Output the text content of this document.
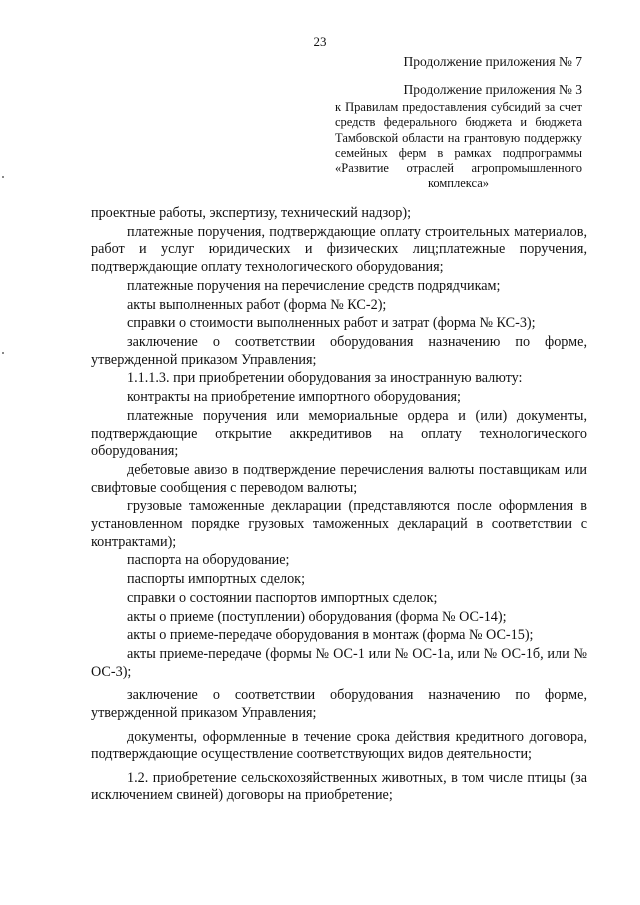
23
Продолжение приложения № 7
Продолжение приложения № 3
к Правилам предоставления субсидий за счет средств федерального бюджета и бюджета Тамбовской области на грантовую поддержку семейных ферм в рамках подпрограммы «Развитие отраслей агропромышленного комплекса»

проектные работы, экспертизу, технический надзор);

платежные поручения, подтверждающие оплату строительных материалов, работ и услуг юридических и физических лиц;платежные поручения, подтверждающие оплату технологического оборудования;

платежные поручения на перечисление средств подрядчикам;

акты выполненных работ (форма № КС-2);

справки о стоимости выполненных работ и затрат (форма № КС-3);

заключение о соответствии оборудования назначению по форме, утвержденной приказом Управления;

1.1.1.3. при приобретении оборудования за иностранную валюту:

контракты на приобретение импортного оборудования;

платежные поручения или мемориальные ордера и (или) документы, подтверждающие открытие аккредитивов на оплату технологического оборудования;

дебетовые авизо в подтверждение перечисления валюты поставщикам или свифтовые сообщения с переводом валюты;

грузовые таможенные декларации (представляются после оформления в установленном порядке грузовых таможенных деклараций в соответствии с контрактами);

паспорта на оборудование;

паспорты импортных сделок;

справки о состоянии паспортов импортных сделок;

акты о приеме (поступлении) оборудования (форма № ОС-14);

акты о приеме-передаче оборудования в монтаж (форма № ОС-15);

акты приеме-передаче (формы № ОС-1 или № ОС-1а, или № ОС-1б, или № ОС-3);

заключение о соответствии оборудования назначению по форме, утвержденной приказом Управления;

документы, оформленные в течение срока действия кредитного договора, подтверждающие осуществление соответствующих видов деятельности;

1.2. приобретение сельскохозяйственных животных, в том числе птицы (за исключением свиней) договоры на приобретение;
